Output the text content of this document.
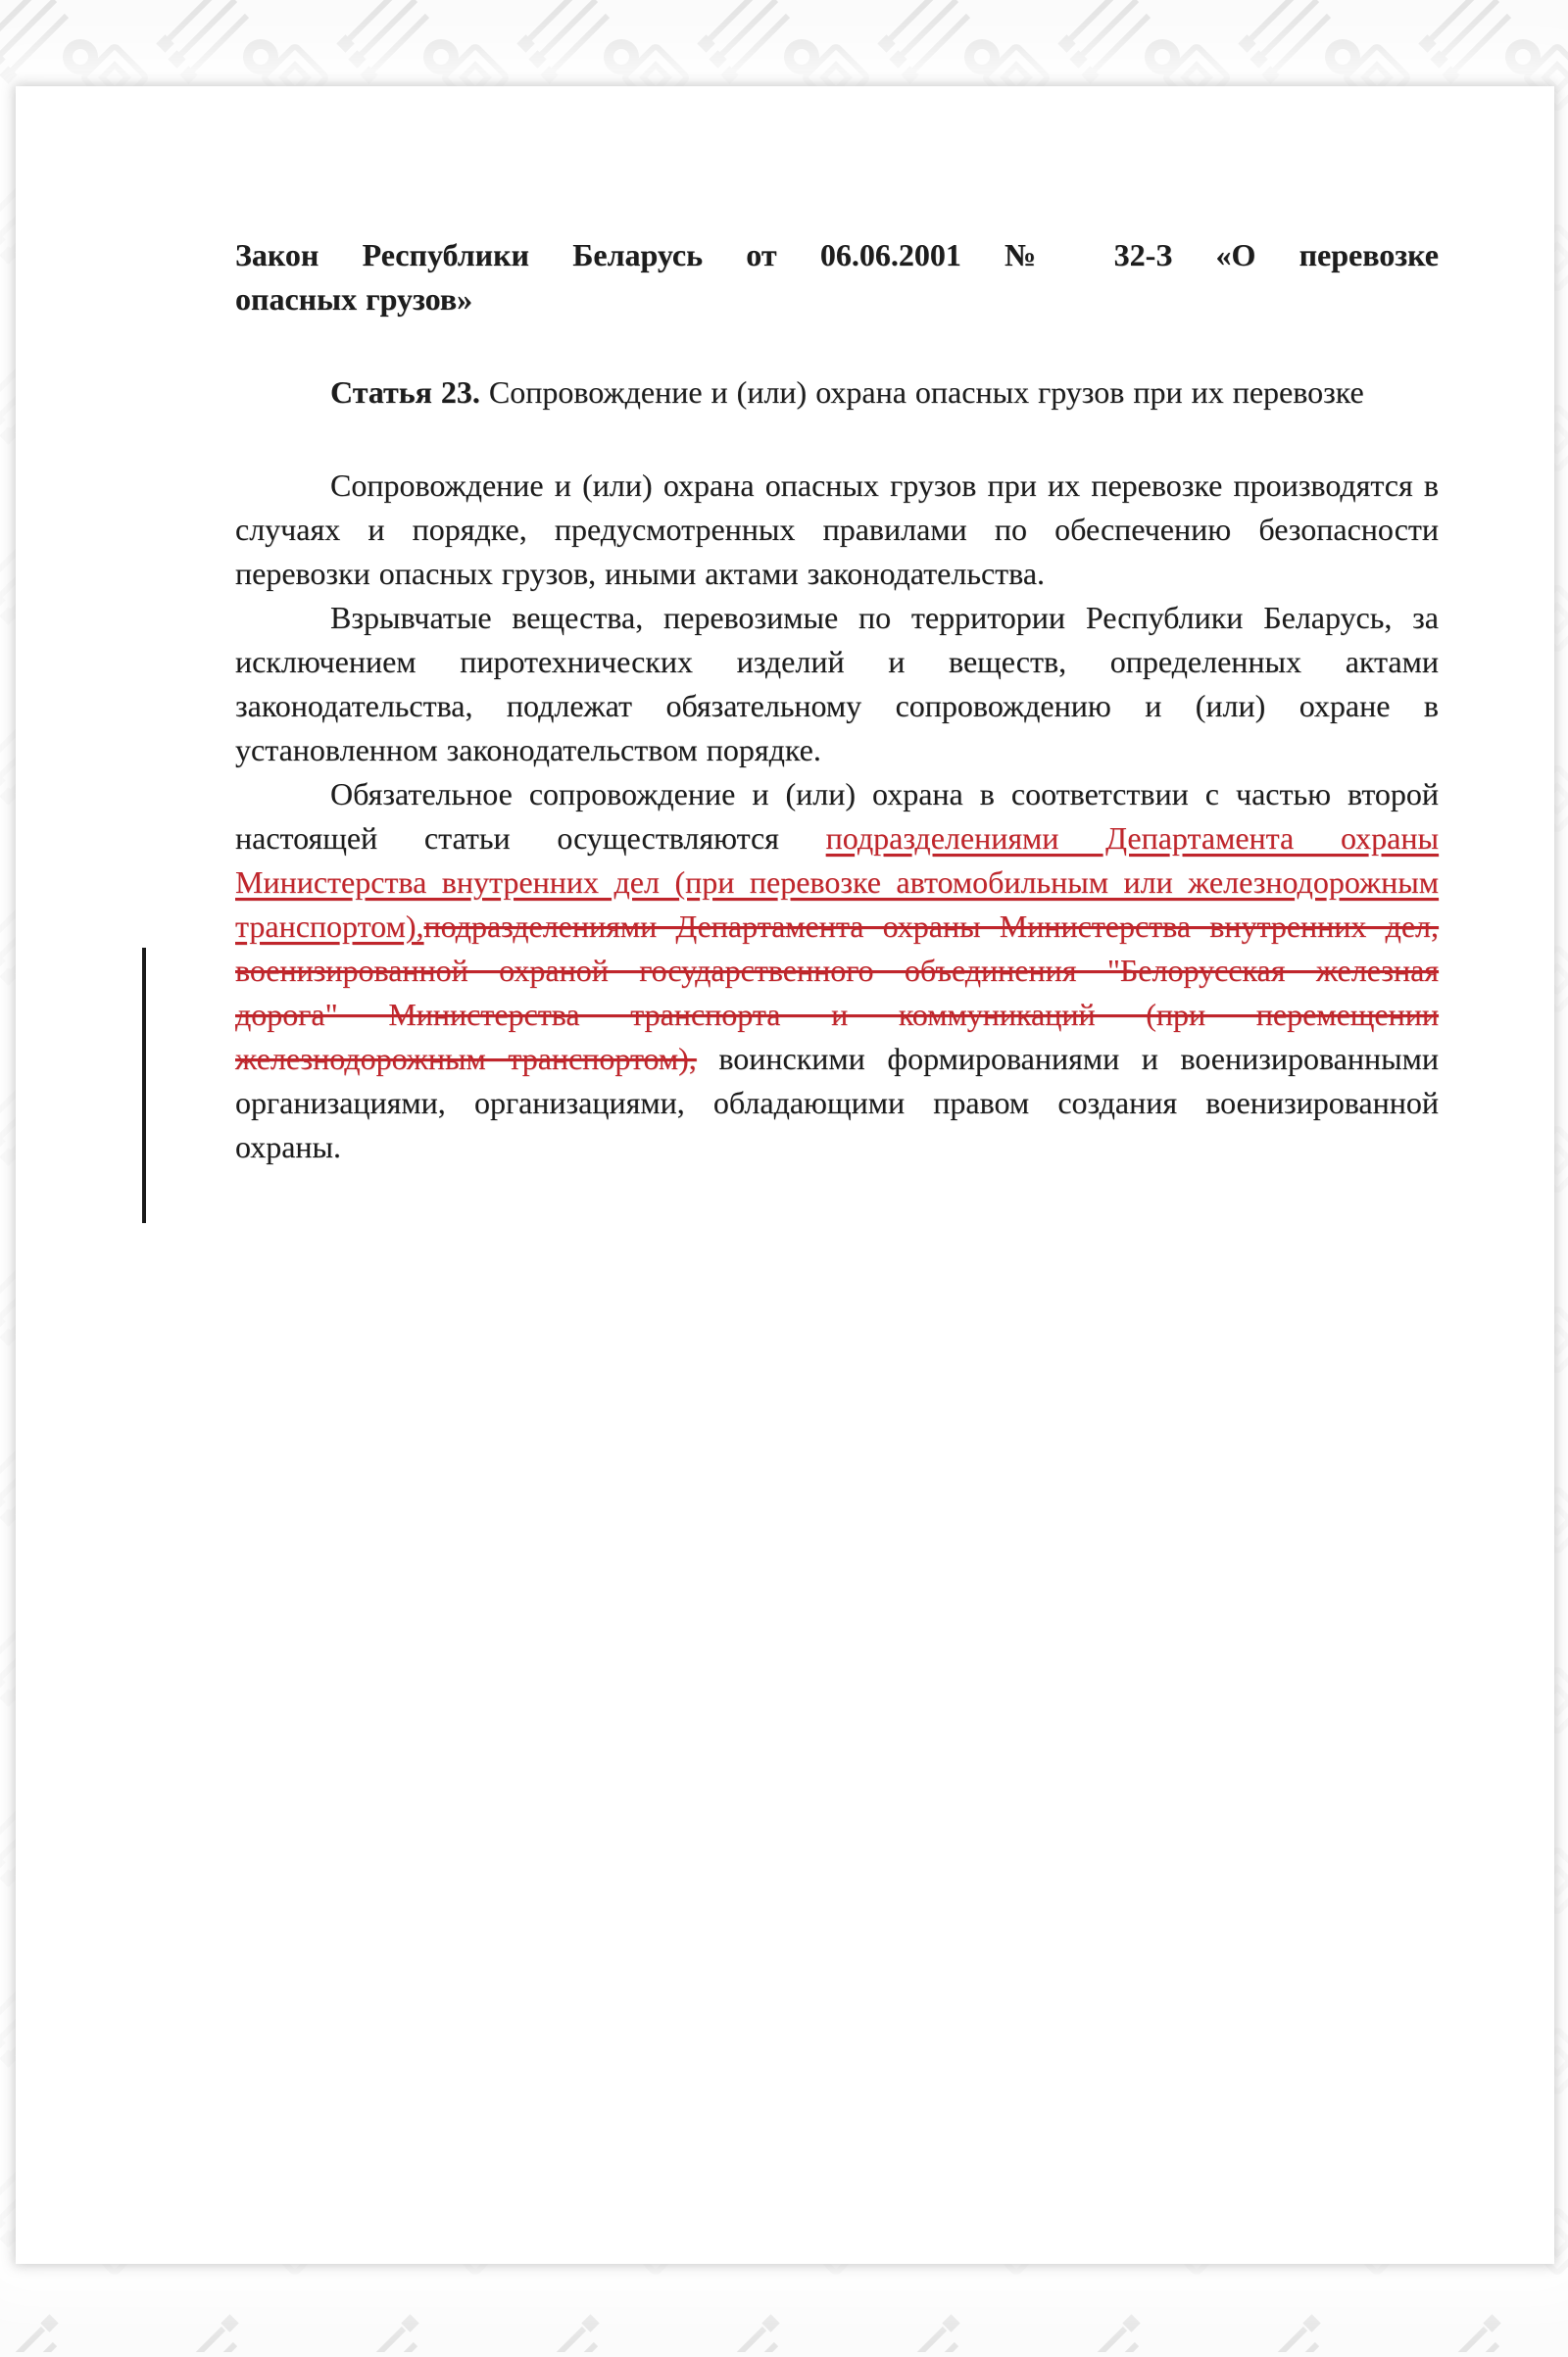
Закон Республики Беларусь от 06.06.2001 № 32-З «О перевозке
опасных грузов»

Статья 23. Сопровождение и (или) охрана опасных грузов при их перевозке

Сопровождение и (или) охрана опасных грузов при их перевозке производятся в случаях и порядке, предусмотренных правилами по обеспечению безопасности перевозки опасных грузов, иными актами законодательства.

Взрывчатые вещества, перевозимые по территории Республики Беларусь, за исключением пиротехнических изделий и веществ, определенных актами законодательства, подлежат обязательному сопровождению и (или) охране в установленном законодательством порядке.

Обязательное сопровождение и (или) охрана в соответствии с частью второй настоящей статьи осуществляются подразделениями Департамента охраны Министерства внутренних дел (при перевозке автомобильным или железнодорожным транспортом),подразделениями Департамента охраны Министерства внутренних дел, военизированной охраной государственного объединения "Белорусская железная дорога" Министерства транспорта и коммуникаций (при перемещении железнодорожным транспортом), воинскими формированиями и военизированными организациями, организациями, обладающими правом создания военизированной охраны.
